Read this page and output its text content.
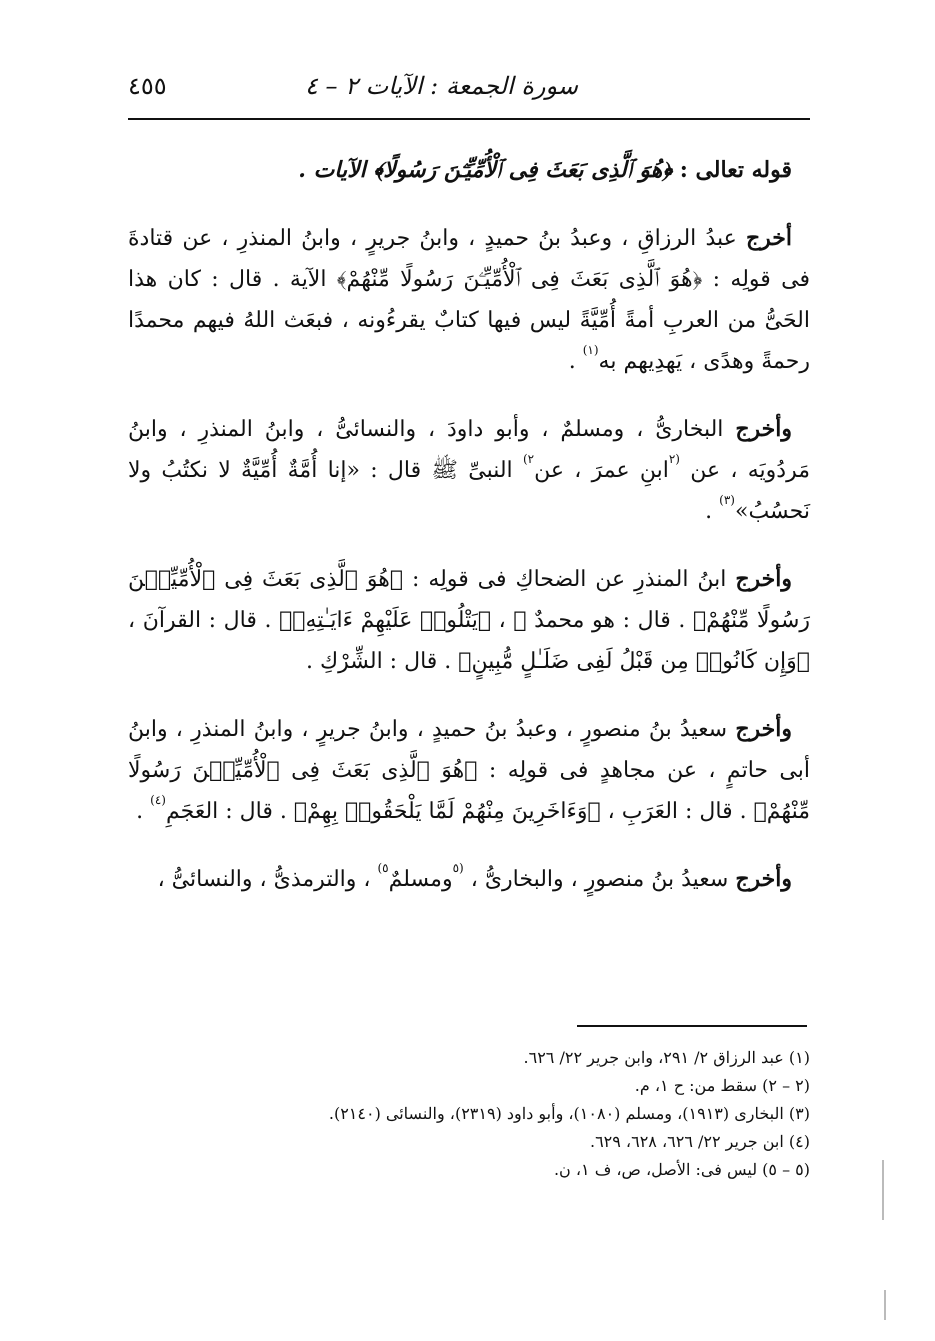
سورة الجمعة : الآيات ٢ – ٤
٤٥٥

قوله تعالى : ﴿هُوَ ٱلَّذِى بَعَثَ فِى ٱلْأُمِّيِّـۧنَ رَسُولًا﴾ الآيات .

أخرج عبدُ الرزاقِ ، وعبدُ بنُ حميدٍ ، وابنُ جريرٍ ، وابنُ المنذرِ ، عن قتادةَ فى قولِه : ﴿هُوَ ٱلَّذِى بَعَثَ فِى ٱلْأُمِّيِّـۧنَ رَسُولًا مِّنْهُمْ﴾ الآية . قال : كان هذا الحَىُّ من العربِ أمةً أُمِّيَّةً ليس فيها كتابٌ يقرءُونه ، فبعَث اللهُ فيهم محمدًا رحمةً وهدًى ، يَهدِيهم به$^{(١)}$ .

وأخرج البخارىُّ ، ومسلمٌ ، وأبو داودَ ، والنسائىُّ ، وابنُ المنذرِ ، وابنُ مَردُويَه ، عن $^{(٢}$ابنِ عمرَ ، عن$^{٢)}$ النبىِّ ﷺ قال : «إنا أُمَّةٌ أُمِّيَّةٌ لا نكتُبُ ولا نَحسُبُ»$^{(٣)}$ .

وأخرج ابنُ المنذرِ عن الضحاكِ فى قولِه : ﴿هُوَ ٱلَّذِى بَعَثَ فِى ٱلْأُمِّيِّـۧنَ رَسُولًا مِّنْهُمْ﴾ . قال : هو محمدٌ ﷺ ، ﴿يَتْلُوا۟ عَلَيْهِمْ ءَايَـٰتِهِۦ﴾ . قال : القرآنَ ، ﴿وَإِن كَانُوا۟ مِن قَبْلُ لَفِى ضَلَـٰلٍ مُّبِينٍ﴾ . قال : الشِّرْكِ .

وأخرج سعيدُ بنُ منصورٍ ، وعبدُ بنُ حميدٍ ، وابنُ جريرٍ ، وابنُ المنذرِ ، وابنُ أبى حاتمٍ ، عن مجاهدٍ فى قولِه : ﴿هُوَ ٱلَّذِى بَعَثَ فِى ٱلْأُمِّيِّـۧنَ رَسُولًا مِّنْهُمْ﴾ . قال : العَرَبِ ، ﴿وَءَاخَرِينَ مِنْهُمْ لَمَّا يَلْحَقُوا۟ بِهِمْ﴾ . قال : العَجَمِ$^{(٤)}$ .

وأخرج سعيدُ بنُ منصورٍ ، والبخارىُّ ، $^{(٥}$ومسلمٌ$^{٥)}$ ، والترمذىُّ ، والنسائىُّ ،

(١) عبد الرزاق ٢/ ٢٩١، وابن جرير ٢٢/ ٦٢٦.

(٢ – ٢) سقط من: ح ١، م.

(٣) البخارى (١٩١٣)، ومسلم (١٠٨٠)، وأبو داود (٢٣١٩)، والنسائى (٢١٤٠).

(٤) ابن جرير ٢٢/ ٦٢٦، ٦٢٨، ٦٢٩.

(٥ – ٥) ليس فى: الأصل، ص، ف ١، ن.
